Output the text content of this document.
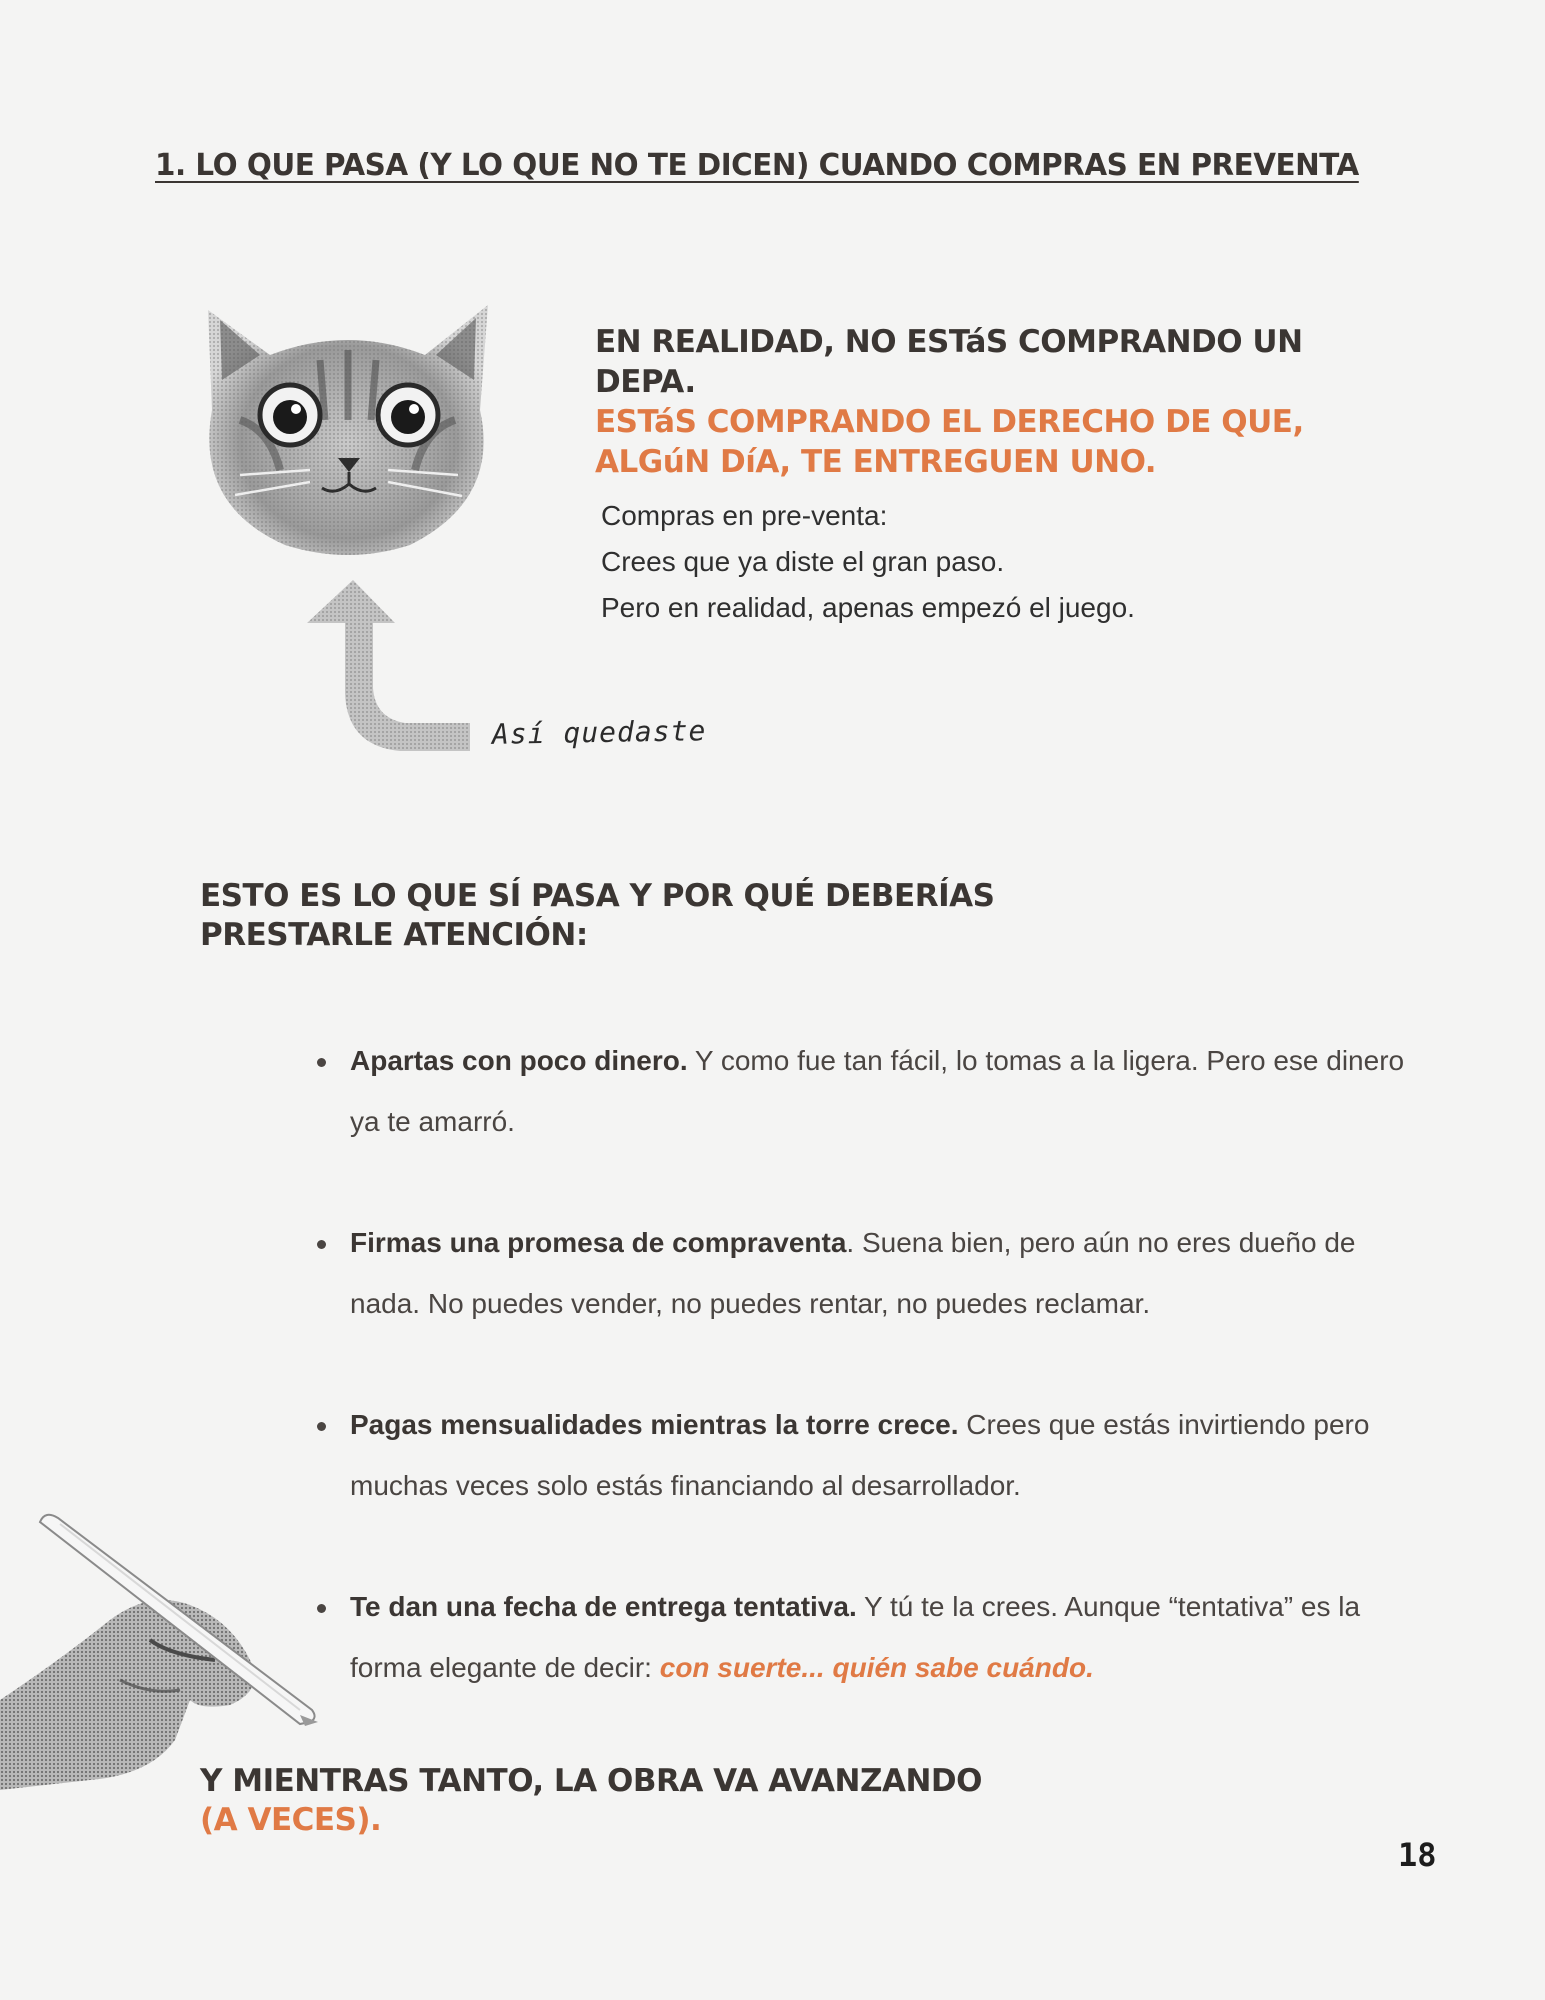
1. LO QUE PASA (Y LO QUE NO TE DICEN) CUANDO COMPRAS EN PREVENTA
Así quedaste
EN REALIDAD, NO ESTáS COMPRANDO UN DEPA.
ESTáS COMPRANDO EL DERECHO DE QUE,
ALGúN DíA, TE ENTREGUEN UNO.
Compras en pre-venta:
Crees que ya diste el gran paso.
Pero en realidad, apenas empezó el juego.
ESTO ES LO QUE SÍ PASA Y POR QUÉ DEBERÍAS
PRESTARLE ATENCIÓN:
Apartas con poco dinero. Y como fue tan fácil, lo tomas a la ligera. Pero ese dinero ya te amarró.
Firmas una promesa de compraventa. Suena bien, pero aún no eres dueño de nada. No puedes vender, no puedes rentar, no puedes reclamar.
Pagas mensualidades mientras la torre crece. Crees que estás invirtiendo pero muchas veces solo estás financiando al desarrollador.
Te dan una fecha de entrega tentativa. Y tú te la crees. Aunque “tentativa” es la forma elegante de decir: con suerte... quién sabe cuándo.
Y MIENTRAS TANTO, LA OBRA VA AVANZANDO
(A VECES).
18
